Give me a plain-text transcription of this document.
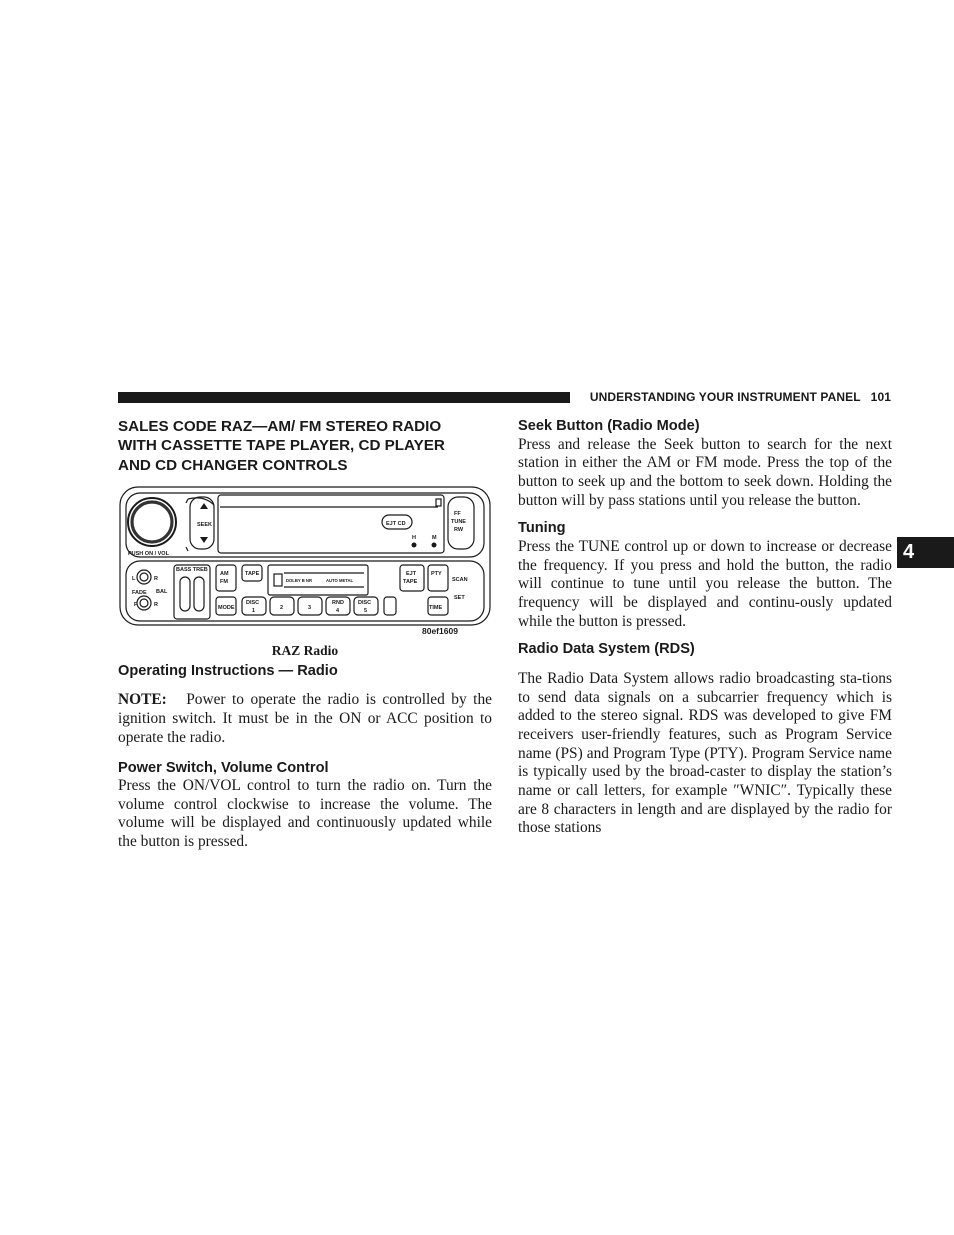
UNDERSTANDING YOUR INSTRUMENT PANEL 101
4
SALES CODE RAZ—AM/ FM STEREO RADIO
WITH CASSETTE TAPE PLAYER, CD PLAYER
AND CD CHANGER CONTROLS
SEEK
FF
TUNE
RW
EJT CD
H	M
PUSH ON / VOL
BASS TREB
L	R
BAL
FADE
F	R
AM
FM
TAPE
MODE
DISC
1	2	3
RND
4
DISC
5
EJT
TAPE
PTY
SCAN
SET
TIME
DOLBY B NR	AUTO METAL
80ef1609
RAZ Radio
Operating Instructions — Radio

NOTE: Power to operate the radio is controlled by the ignition switch. It must be in the ON or ACC position to operate the radio.

Power Switch, Volume Control

Press the ON/VOL control to turn the radio on. Turn the volume control clockwise to increase the volume. The volume will be displayed and continuously updated while the button is pressed.

Seek Button (Radio Mode)

Press and release the Seek button to search for the next station in either the AM or FM mode. Press the top of the button to seek up and the bottom to seek down. Holding the button will by pass stations until you release the button.

Tuning

Press the TUNE control up or down to increase or decrease the frequency. If you press and hold the button, the radio will continue to tune until you release the button. The frequency will be displayed and continu-ously updated while the button is pressed.

Radio Data System (RDS)

The Radio Data System allows radio broadcasting sta-tions to send data signals on a subcarrier frequency which is added to the stereo signal. RDS was developed to give FM receivers user-friendly features, such as Program Service name (PS) and Program Type (PTY). Program Service name is typically used by the broad-caster to display the station’s name or call letters, for example ″WNIC″. Typically these are 8 characters in length and are displayed by the radio for those stations
